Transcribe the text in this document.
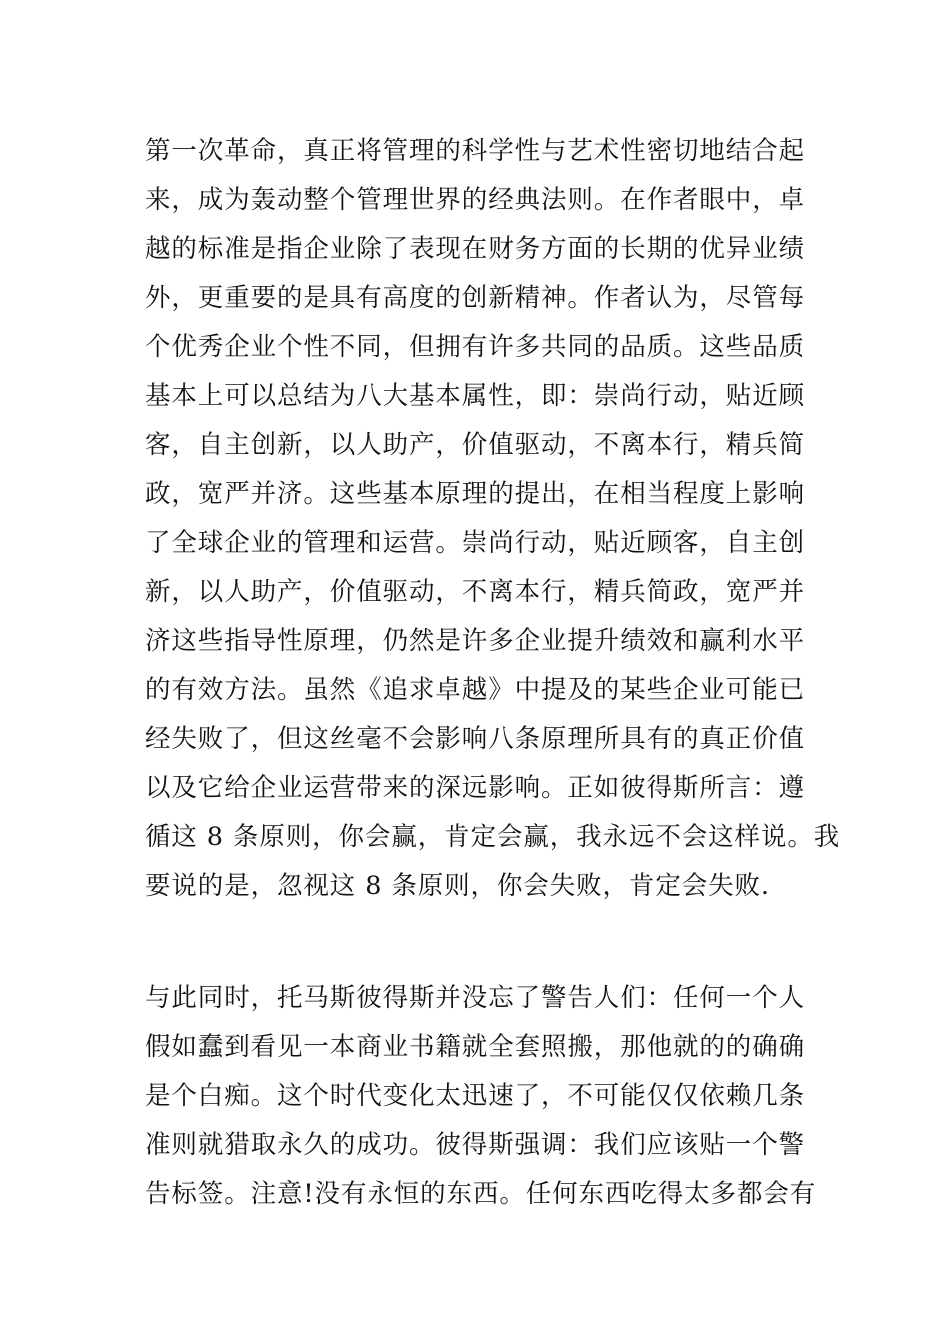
第一次革命，真正将管理的科学性与艺术性密切地结合起
来，成为轰动整个管理世界的经典法则。在作者眼中，卓
越的标准是指企业除了表现在财务方面的长期的优异业绩
外，更重要的是具有高度的创新精神。作者认为，尽管每
个优秀企业个性不同，但拥有许多共同的品质。这些品质
基本上可以总结为八大基本属性，即：崇尚行动，贴近顾
客，自主创新，以人助产，价值驱动，不离本行，精兵简
政，宽严并济。这些基本原理的提出，在相当程度上影响
了全球企业的管理和运营。崇尚行动，贴近顾客，自主创
新，以人助产，价值驱动，不离本行，精兵简政，宽严并
济这些指导性原理，仍然是许多企业提升绩效和赢利水平
的有效方法。虽然《追求卓越》中提及的某些企业可能已
经失败了，但这丝毫不会影响八条原理所具有的真正价值
以及它给企业运营带来的深远影响。正如彼得斯所言：遵
循这 8 条原则，你会赢，肯定会赢，我永远不会这样说。我
要说的是，忽视这 8 条原则，你会失败，肯定会失败.
与此同时，托马斯彼得斯并没忘了警告人们：任何一个人
假如蠢到看见一本商业书籍就全套照搬，那他就的的确确
是个白痴。这个时代变化太迅速了，不可能仅仅依赖几条
准则就猎取永久的成功。彼得斯强调：我们应该贴一个警
告标签。注意!没有永恒的东西。任何东西吃得太多都会有
